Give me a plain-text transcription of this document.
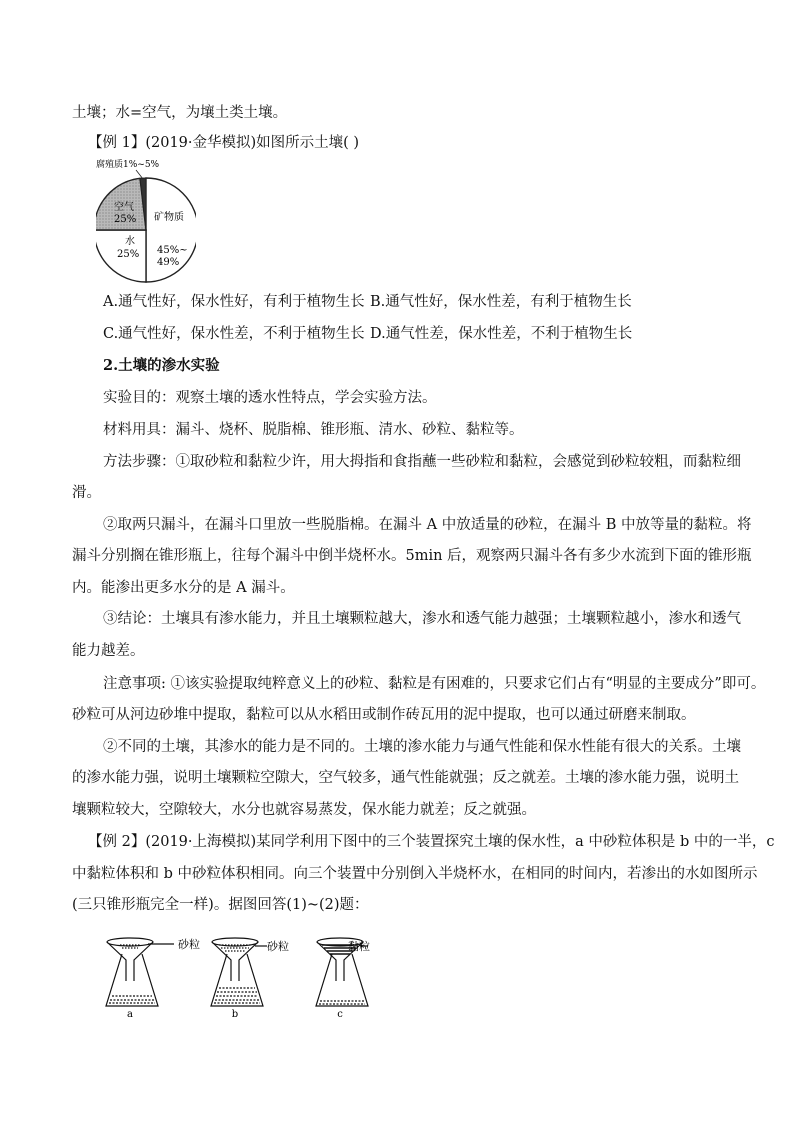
土壤；水=空气，为壤土类土壤。
【例 1】(2019·金华模拟)如图所示土壤( )
腐殖质1%~5%
空气
25%
水
25%
矿物质
45%~
49%
A.通气性好，保水性好，有利于植物生长 B.通气性好，保水性差，有利于植物生长
C.通气性好，保水性差，不利于植物生长 D.通气性差，保水性差，不利于植物生长
2.土壤的渗水实验
实验目的：观察土壤的透水性特点，学会实验方法。
材料用具：漏斗、烧杯、脱脂棉、锥形瓶、清水、砂粒、黏粒等。
方法步骤：①取砂粒和黏粒少许，用大拇指和食指蘸一些砂粒和黏粒，会感觉到砂粒较粗，而黏粒细
滑。
②取两只漏斗，在漏斗口里放一些脱脂棉。在漏斗 A 中放适量的砂粒，在漏斗 B 中放等量的黏粒。将
漏斗分别搁在锥形瓶上，往每个漏斗中倒半烧杯水。5min 后，观察两只漏斗各有多少水流到下面的锥形瓶
内。能渗出更多水分的是 A 漏斗。
③结论：土壤具有渗水能力，并且土壤颗粒越大，渗水和透气能力越强；土壤颗粒越小，渗水和透气
能力越差。
注意事项: ①该实验提取纯粹意义上的砂粒、黏粒是有困难的，只要求它们占有“明显的主要成分”即可。
砂粒可从河边砂堆中提取，黏粒可以从水稻田或制作砖瓦用的泥中提取，也可以通过研磨来制取。
②不同的土壤，其渗水的能力是不同的。土壤的渗水能力与通气性能和保水性能有很大的关系。土壤
的渗水能力强，说明土壤颗粒空隙大，空气较多，通气性能就强；反之就差。土壤的渗水能力强，说明土
壤颗粒较大，空隙较大，水分也就容易蒸发，保水能力就差；反之就强。
【例 2】(2019·上海模拟)某同学利用下图中的三个装置探究土壤的保水性，a 中砂粒体积是 b 中的一半，c
中黏粒体积和 b 中砂粒体积相同。向三个装置中分别倒入半烧杯水，在相同的时间内，若渗出的水如图所示
(三只锥形瓶完全一样)。据图回答(1)~(2)题：
砂粒	砂粒	黏粒
a	b	c
